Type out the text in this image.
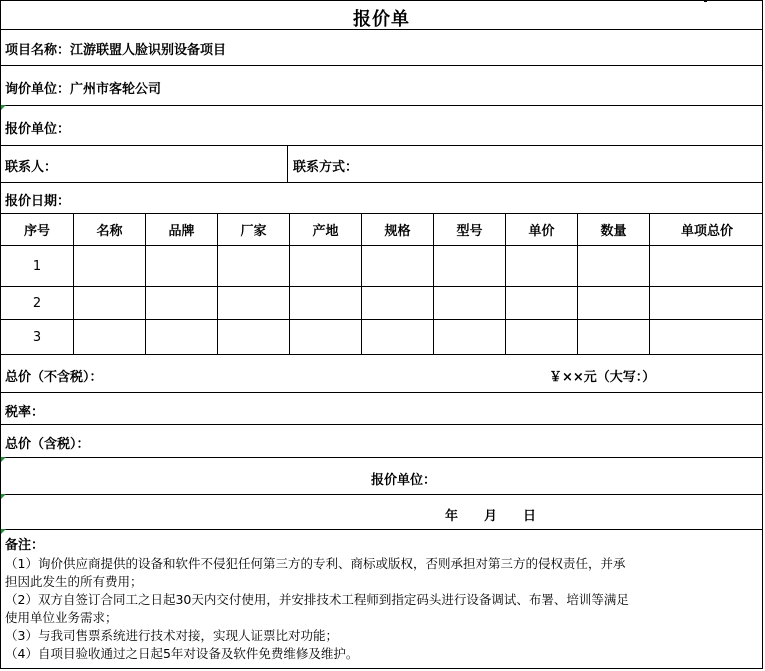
报价单
项目名称：江游联盟人脸识别设备项目
询价单位：广州市客轮公司
报价单位：
联系人：	联系方式：
报价日期：
序号	名称	品牌	厂家	产地	规格	型号	单价	数量	单项总价
1
2
3
总价（不含税）：	￥××元（大写：）
税率：
总价（含税）：
报价单位：
年　　月　　日
备注：
（1）询价供应商提供的设备和软件不侵犯任何第三方的专利、商标或版权，否则承担对第三方的侵权责任，并承
担因此发生的所有费用；
（2）双方自签订合同工之日起30天内交付使用，并安排技术工程师到指定码头进行设备调试、布署、培训等满足
使用单位业务需求；
（3）与我司售票系统进行技术对接，实现人证票比对功能；
（4）自项目验收通过之日起5年对设备及软件免费维修及维护。
